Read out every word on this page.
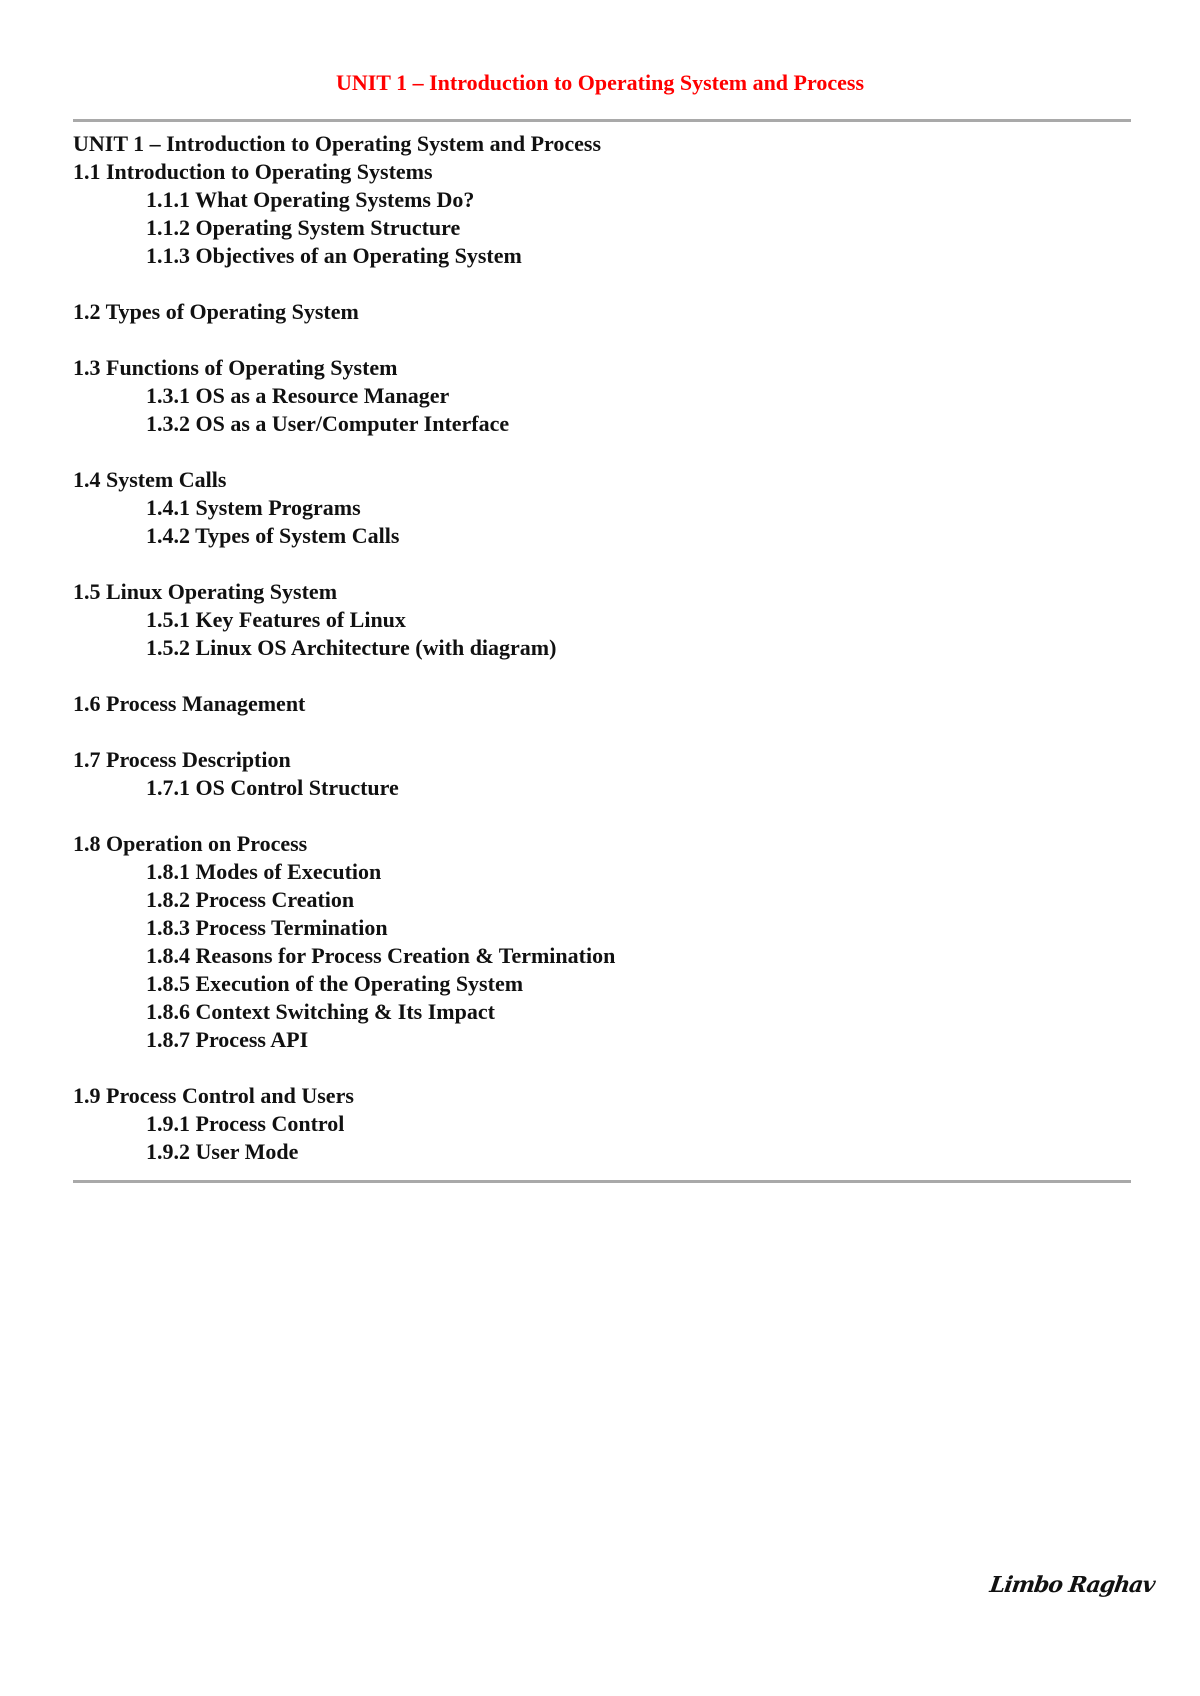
UNIT 1 – Introduction to Operating System and Process
UNIT 1 – Introduction to Operating System and Process
1.1 Introduction to Operating Systems
1.1.1 What Operating Systems Do?
1.1.2 Operating System Structure
1.1.3 Objectives of an Operating System
1.2 Types of Operating System
1.3 Functions of Operating System
1.3.1 OS as a Resource Manager
1.3.2 OS as a User/Computer Interface
1.4 System Calls
1.4.1 System Programs
1.4.2 Types of System Calls
1.5 Linux Operating System
1.5.1 Key Features of Linux
1.5.2 Linux OS Architecture (with diagram)
1.6 Process Management
1.7 Process Description
1.7.1 OS Control Structure
1.8 Operation on Process
1.8.1 Modes of Execution
1.8.2 Process Creation
1.8.3 Process Termination
1.8.4 Reasons for Process Creation & Termination
1.8.5 Execution of the Operating System
1.8.6 Context Switching & Its Impact
1.8.7 Process API
1.9 Process Control and Users
1.9.1 Process Control
1.9.2 User Mode
Limbo Raghav
